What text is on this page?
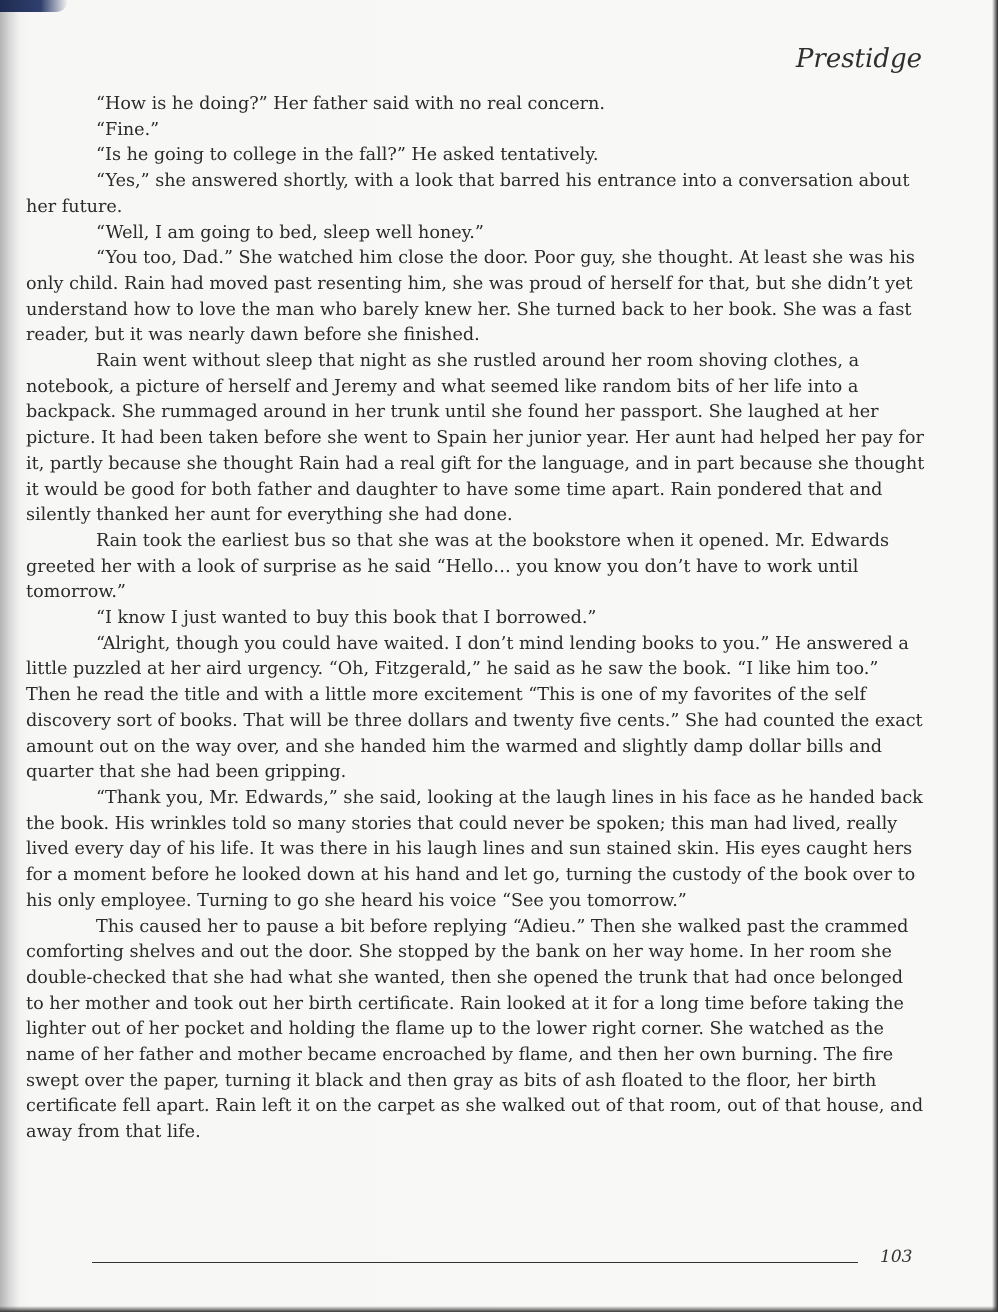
Prestidge

“How is he doing?” Her father said with no real concern.

“Fine.”

“Is he going to college in the fall?” He asked tentatively.

“Yes,” she answered shortly, with a look that barred his entrance into a conversation about her future.

“Well, I am going to bed, sleep well honey.”

“You too, Dad.” She watched him close the door. Poor guy, she thought. At least she was his only child. Rain had moved past resenting him, she was proud of herself for that, but she didn’t yet understand how to love the man who barely knew her. She turned back to her book. She was a fast reader, but it was nearly dawn before she finished.

Rain went without sleep that night as she rustled around her room shoving clothes, a notebook, a picture of herself and Jeremy and what seemed like random bits of her life into a backpack. She rummaged around in her trunk until she found her passport. She laughed at her picture. It had been taken before she went to Spain her junior year. Her aunt had helped her pay for it, partly because she thought Rain had a real gift for the language, and in part because she thought it would be good for both father and daughter to have some time apart. Rain pondered that and silently thanked her aunt for everything she had done.

Rain took the earliest bus so that she was at the bookstore when it opened. Mr. Edwards greeted her with a look of surprise as he said “Hello… you know you don’t have to work until tomorrow.”

“I know I just wanted to buy this book that I borrowed.”

“Alright, though you could have waited. I don’t mind lending books to you.” He answered a little puzzled at her aird urgency. “Oh, Fitzgerald,” he said as he saw the book. “I like him too.” Then he read the title and with a little more excitement “This is one of my favorites of the self discovery sort of books. That will be three dollars and twenty five cents.” She had counted the exact amount out on the way over, and she handed him the warmed and slightly damp dollar bills and quarter that she had been gripping.

“Thank you, Mr. Edwards,” she said, looking at the laugh lines in his face as he handed back the book. His wrinkles told so many stories that could never be spoken; this man had lived, really lived every day of his life. It was there in his laugh lines and sun stained skin. His eyes caught hers for a moment before he looked down at his hand and let go, turning the custody of the book over to his only employee. Turning to go she heard his voice “See you tomorrow.”

This caused her to pause a bit before replying “Adieu.” Then she walked past the crammed comforting shelves and out the door. She stopped by the bank on her way home. In her room she double-checked that she had what she wanted, then she opened the trunk that had once belonged to her mother and took out her birth certificate. Rain looked at it for a long time before taking the lighter out of her pocket and holding the flame up to the lower right corner. She watched as the name of her father and mother became encroached by flame, and then her own burning. The fire swept over the paper, turning it black and then gray as bits of ash floated to the floor, her birth certificate fell apart. Rain left it on the carpet as she walked out of that room, out of that house, and away from that life.

103
